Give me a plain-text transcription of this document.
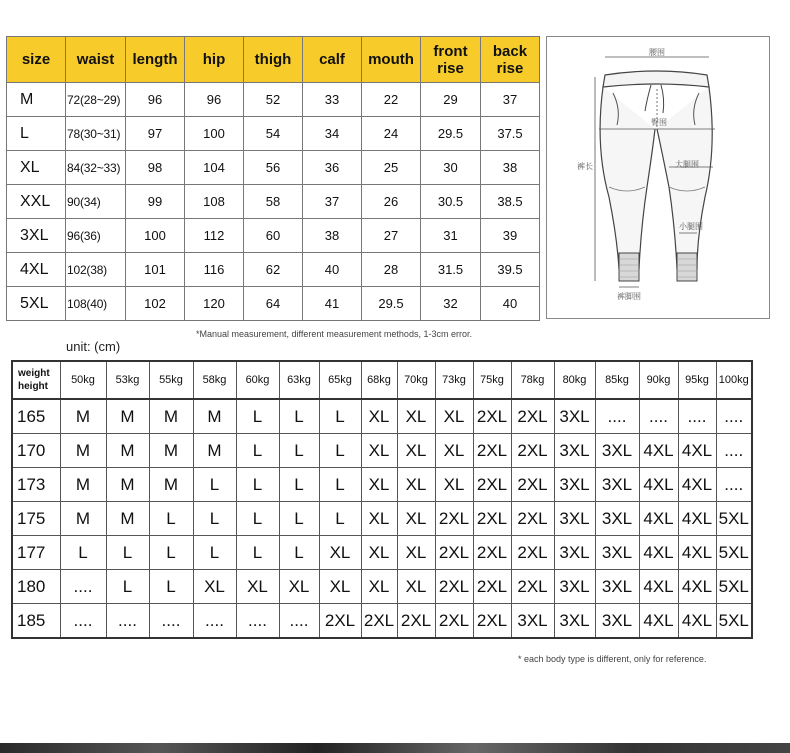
size	waist	length	hip	thigh	calf	mouth	front rise	back rise
M	72(28~29)	96	96	52	33	22	29	37
L	78(30~31)	97	100	54	34	24	29.5	37.5
XL	84(32~33)	98	104	56	36	25	30	38
XXL	90(34)	99	108	58	37	26	30.5	38.5
3XL	96(36)	100	112	60	38	27	31	39
4XL	102(38)	101	116	62	40	28	31.5	39.5
5XL	108(40)	102	120	64	41	29.5	32	40
腰围
臀围
大腿围
裤长
小腿围
裤脚围
*Manual measurement, different measurement methods, 1-3cm error.
unit: (cm)
weight
height	50kg	53kg	55kg	58kg	60kg	63kg	65kg	68kg	70kg	73kg	75kg	78kg	80kg	85kg	90kg	95kg	100kg
165	M	M	M	M	L	L	L	XL	XL	XL	2XL	2XL	3XL	....	....	....	....
170	M	M	M	M	L	L	L	XL	XL	XL	2XL	2XL	3XL	3XL	4XL	4XL	....
173	M	M	M	L	L	L	L	XL	XL	XL	2XL	2XL	3XL	3XL	4XL	4XL	....
175	M	M	L	L	L	L	L	XL	XL	2XL	2XL	2XL	3XL	3XL	4XL	4XL	5XL
177	L	L	L	L	L	L	XL	XL	XL	2XL	2XL	2XL	3XL	3XL	4XL	4XL	5XL
180	....	L	L	XL	XL	XL	XL	XL	XL	2XL	2XL	2XL	3XL	3XL	4XL	4XL	5XL
185	....	....	....	....	....	....	2XL	2XL	2XL	2XL	2XL	3XL	3XL	3XL	4XL	4XL	5XL
* each body type is different, only for reference.
